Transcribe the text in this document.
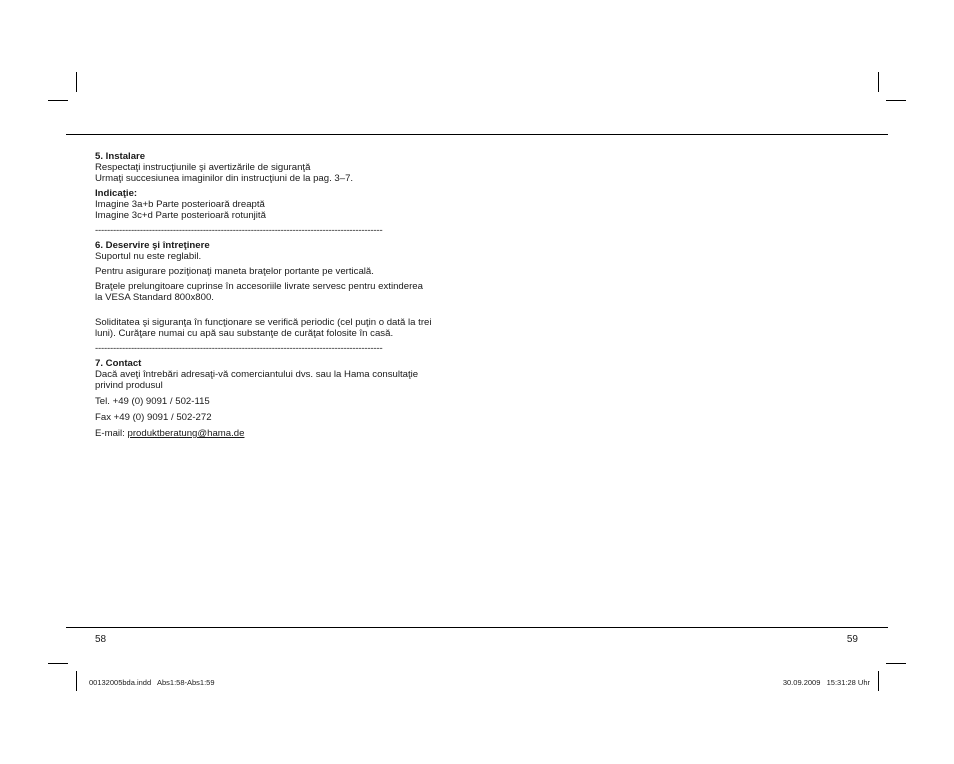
5. Instalare

Respectaţi instrucţiunile şi avertizările de siguranţă

Urmaţi succesiunea imaginilor din instrucţiuni de la pag. 3–7.

Indicaţie:

Imagine 3a+b Parte posterioară dreaptă

Imagine 3c+d Parte posterioară rotunjită

------------------------------------------------------------------------------------------------

6. Deservire şi întreţinere

Suportul nu este reglabil.

Pentru asigurare poziţionaţi maneta braţelor portante pe verticală.

Braţele prelungitoare cuprinse în accesoriile livrate servesc pentru extinderea

la VESA Standard 800x800.

Soliditatea şi siguranţa în funcţionare se verifică periodic (cel puţin o dată la trei

luni). Curăţare numai cu apă sau substanţe de curăţat folosite în casă.

------------------------------------------------------------------------------------------------

7. Contact

Dacă aveţi întrebări adresaţi-vă comerciantului dvs. sau la Hama consultaţie

privind produsul

Tel. +49 (0) 9091 / 502-115

Fax +49 (0) 9091 / 502-272

E-mail: produktberatung@hama.de

58	59
00132005bda.indd   Abs1:58-Abs1:59	30.09.2009   15:31:28 Uhr
